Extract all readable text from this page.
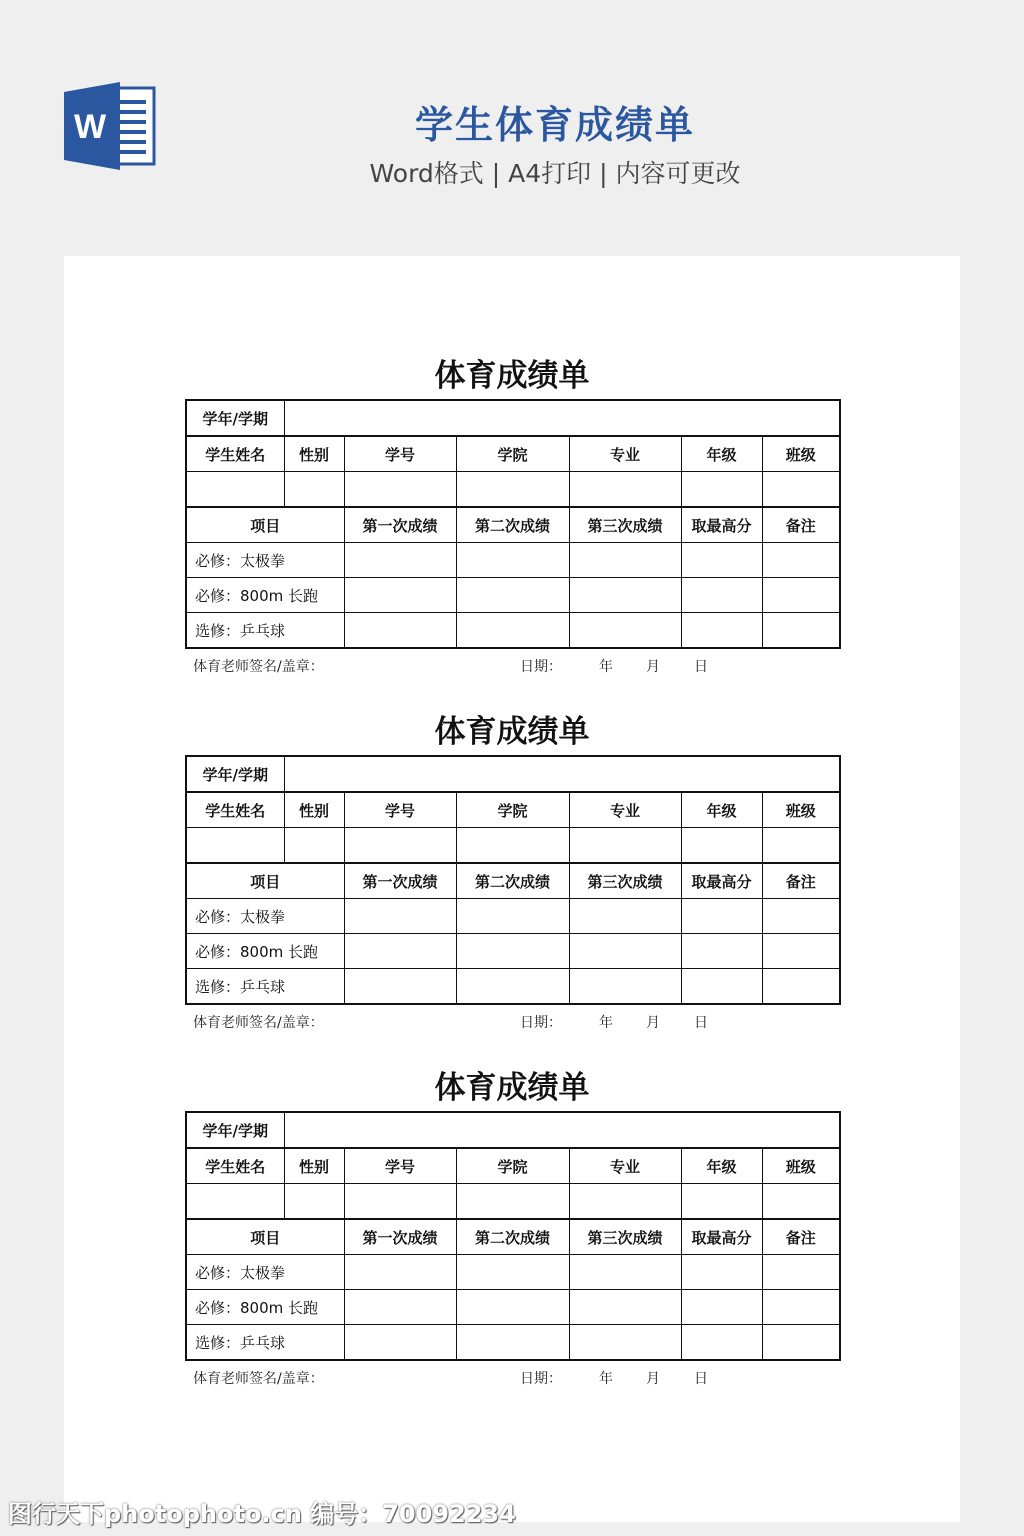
W	学生体育成绩单
Word格式 | A4打印 | 内容可更改
体育成绩单
学年/学期						
学生姓名	性别	学号	学院	专业	年级	班级

项目		第一次成绩	第二次成绩	第三次成绩	取最高分	备注
必修：太极拳						
必修：800m 长跑						
选修：乒乓球						
体育老师签名/盖章：	日期：	年 月 日
体育成绩单
学年/学期						
学生姓名	性别	学号	学院	专业	年级	班级

项目		第一次成绩	第二次成绩	第三次成绩	取最高分	备注
必修：太极拳						
必修：800m 长跑						
选修：乒乓球						
体育老师签名/盖章：	日期：	年 月 日
体育成绩单
学年/学期						
学生姓名	性别	学号	学院	专业	年级	班级

项目		第一次成绩	第二次成绩	第三次成绩	取最高分	备注
必修：太极拳						
必修：800m 长跑						
选修：乒乓球						
体育老师签名/盖章：	日期：	年 月 日
图行天下photophoto.cn 编号：70092234
